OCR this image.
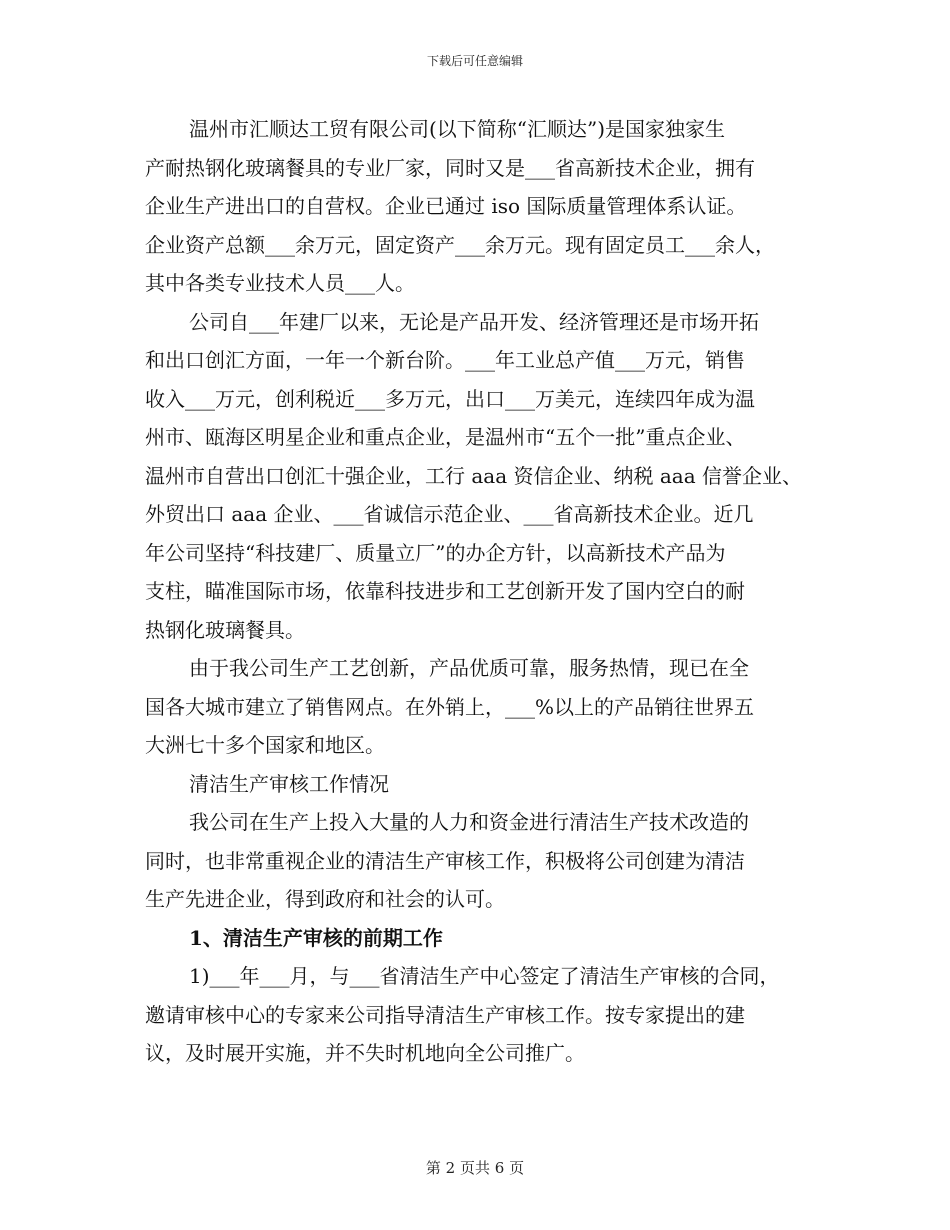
下载后可任意编辑
温州市汇顺达工贸有限公司(以下简称“汇顺达”)是国家独家生
产耐热钢化玻璃餐具的专业厂家，同时又是___省高新技术企业，拥有
企业生产进出口的自营权。企业已通过 iso 国际质量管理体系认证。
企业资产总额___余万元，固定资产___余万元。现有固定员工___余人，
其中各类专业技术人员___人。
公司自___年建厂以来，无论是产品开发、经济管理还是市场开拓
和出口创汇方面，一年一个新台阶。___年工业总产值___万元，销售
收入___万元，创利税近___多万元，出口___万美元，连续四年成为温
州市、瓯海区明星企业和重点企业，是温州市“五个一批”重点企业、
温州市自营出口创汇十强企业，工行 aaa 资信企业、纳税 aaa 信誉企业、
外贸出口 aaa 企业、___省诚信示范企业、___省高新技术企业。近几
年公司坚持“科技建厂、质量立厂”的办企方针，以高新技术产品为
支柱，瞄准国际市场，依靠科技进步和工艺创新开发了国内空白的耐
热钢化玻璃餐具。
由于我公司生产工艺创新，产品优质可靠，服务热情，现已在全
国各大城市建立了销售网点。在外销上，___%以上的产品销往世界五
大洲七十多个国家和地区。
清洁生产审核工作情况
我公司在生产上投入大量的人力和资金进行清洁生产技术改造的
同时，也非常重视企业的清洁生产审核工作，积极将公司创建为清洁
生产先进企业，得到政府和社会的认可。
1、清洁生产审核的前期工作
1)___年___月，与___省清洁生产中心签定了清洁生产审核的合同，
邀请审核中心的专家来公司指导清洁生产审核工作。按专家提出的建
议，及时展开实施，并不失时机地向全公司推广。
第 2 页共 6 页
